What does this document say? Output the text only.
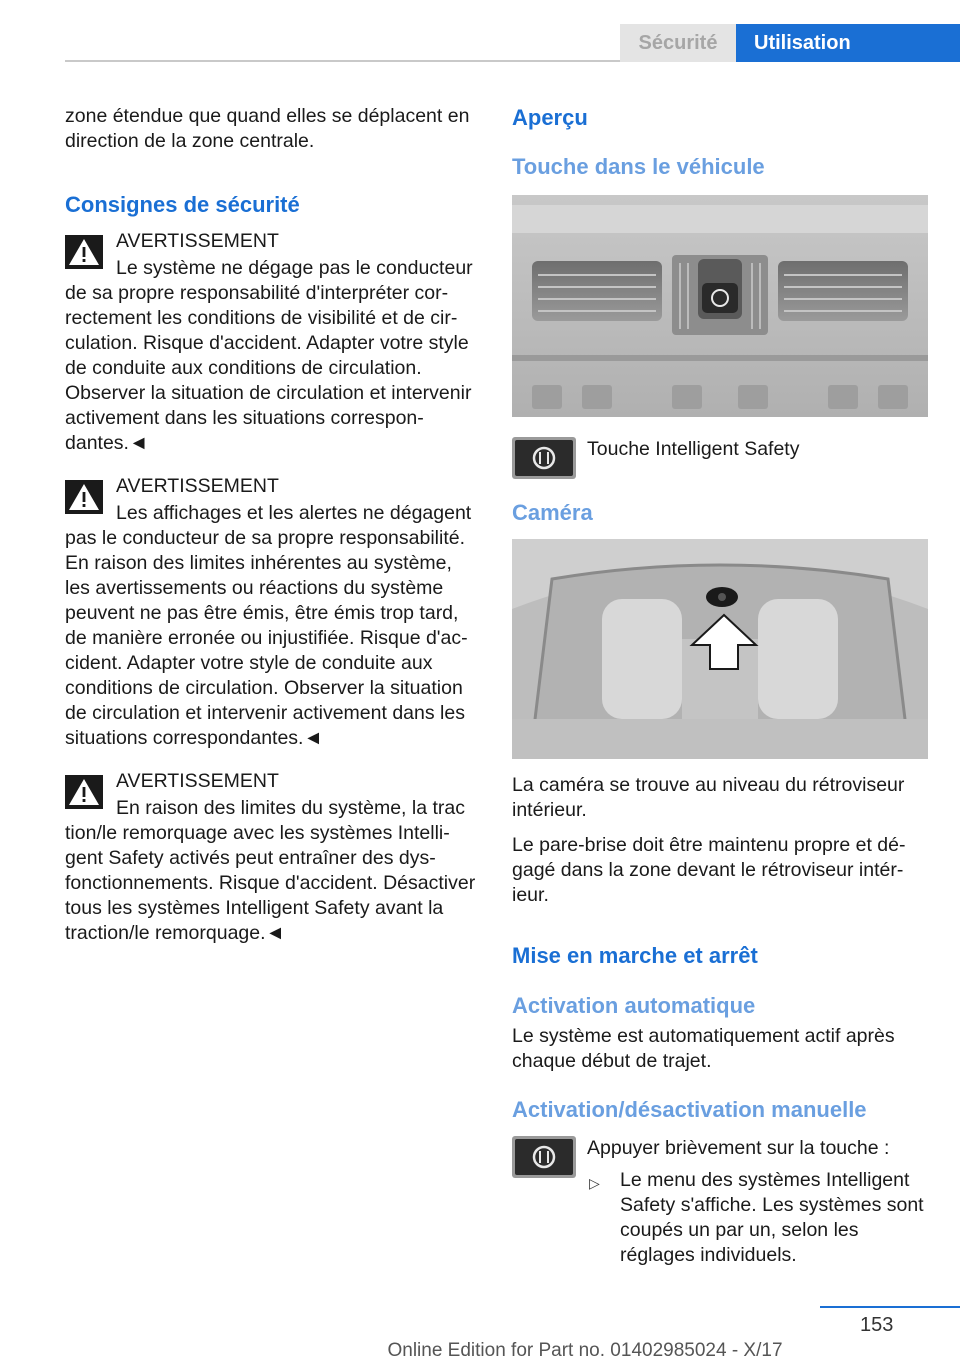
Sécurité	Utilisation

zone étendue que quand elles se déplacent en direction de la zone centrale.

Consignes de sécurité
AVERTISSEMENT
Le système ne dégage pas le conducteur
de sa propre responsabilité d'interpréter correctement les conditions de visibilité et de circulation. Risque d'accident. Adapter votre style de conduite aux conditions de circulation. Observer la situation de circulation et intervenir activement dans les situations correspondantes.◄
AVERTISSEMENT
Les affichages et les alertes ne dégagent
pas le conducteur de sa propre responsabilité. En raison des limites inhérentes au système, les avertissements ou réactions du système peuvent ne pas être émis, être émis trop tard, de manière erronée ou injustifiée. Risque d'accident. Adapter votre style de conduite aux conditions de circulation. Observer la situation de circulation et intervenir activement dans les situations correspondantes.◄
AVERTISSEMENT
En raison des limites du système, la trac
tion/le remorquage avec les systèmes Intelligent Safety activés peut entraîner des dysfonctionnements. Risque d'accident. Désactiver tous les systèmes Intelligent Safety avant la traction/le remorquage.◄
Aperçu
Touche dans le véhicule
Touche Intelligent Safety
Caméra

La caméra se trouve au niveau du rétroviseur intérieur.

Le pare-brise doit être maintenu propre et dégagé dans la zone devant le rétroviseur intérieur.

Mise en marche et arrêt
Activation automatique

Le système est automatiquement actif après chaque début de trajet.

Activation/désactivation manuelle
Appuyer brièvement sur la touche :
▷ Le menu des systèmes Intelligent Safety s'affiche. Les systèmes sont coupés un par un, selon les réglages individuels.
153
Online Edition for Part no. 01402985024 - X/17
